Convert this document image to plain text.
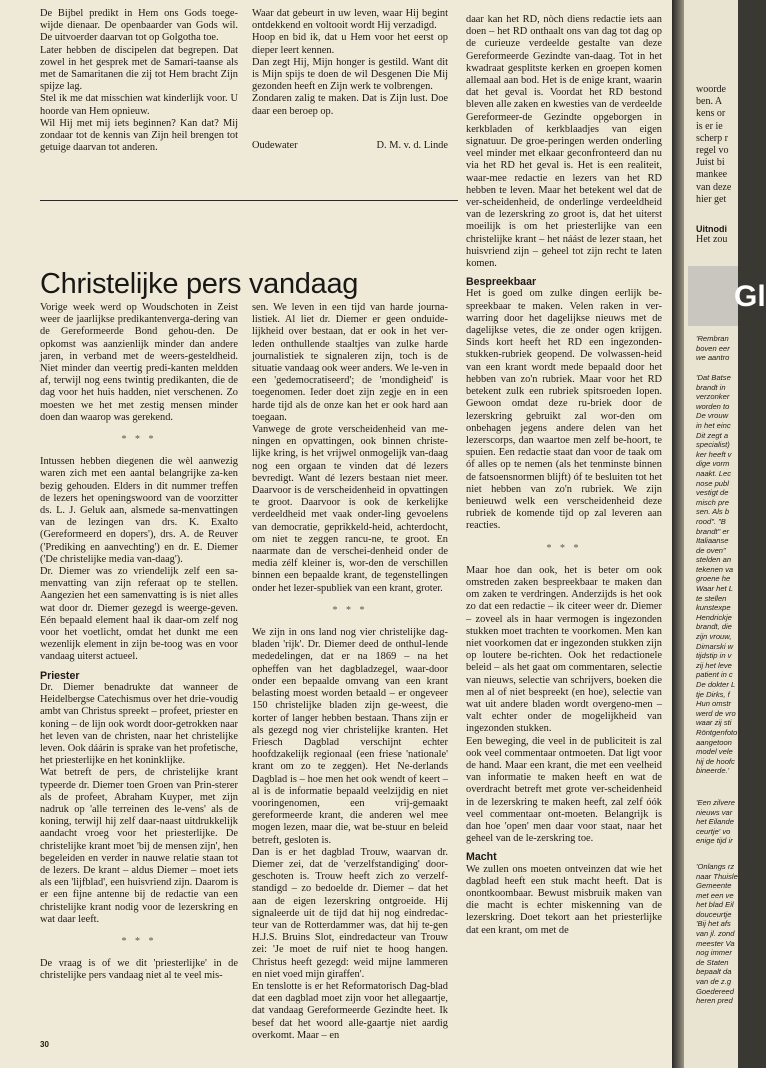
De Bijbel predikt in Hem ons Gods toege-wijde dienaar. De openbaarder van Gods wil. De uitvoerder daarvan tot op Golgotha toe.

Later hebben de discipelen dat begrepen. Dat zowel in het gesprek met de Samari-taanse als met de Samaritanen die zij tot Hem bracht Zijn spijze lag.

Stel ik me dat misschien wat kinderlijk voor. U hoorde van Hem opnieuw.

Wil Hij met mij iets beginnen? Kan dat? Mij zondaar tot de kennis van Zijn heil brengen tot getuige daarvan tot anderen.

Waar dat gebeurt in uw leven, waar Hij begint ontdekkend en voltooit wordt Hij verzadigd.

Hoop en bid ik, dat u Hem voor het eerst op dieper leert kennen.

Dan zegt Hij, Mijn honger is gestild. Want dit is Mijn spijs te doen de wil Desgenen Die Mij gezonden heeft en Zijn werk te volbrengen.

Zondaren zalig te maken. Dat is Zijn lust. Doe daar een beroep op.

Oudewater	D. M. v. d. Linde
Christelijke pers vandaag

Vorige week werd op Woudschoten in Zeist weer de jaarlijkse predikantenverga-dering van de Gereformeerde Bond gehou-den. De opkomst was aanzienlijk minder dan andere jaren, in verband met de weers-gesteldheid. Niet minder dan veertig predi-kanten meldden af, terwijl nog eens twintig predikanten, die de dag voor het huis hadden, niet verschenen. Zo moesten we het met zestig mensen minder doen dan waarop was gerekend.

* * *

Intussen hebben diegenen die wèl aanwezig waren zich met een aantal belangrijke za-ken bezig gehouden. Elders in dit nummer treffen de lezers het openingswoord van de voorzitter ds. L. J. Geluk aan, alsmede sa-menvattingen van de lezingen van drs. K. Exalto (Gereformeerd en dopers'), drs. A. de Reuver ('Prediking en aanvechting') en dr. E. Diemer ('De christelijke media van-daag').

Dr. Diemer was zo vriendelijk zelf een sa-menvatting van zijn referaat op te stellen. Aangezien het een samenvatting is is niet alles wat door dr. Diemer gezegd is weerge-geven. Eén bepaald element haal ik daar-om zelf nog voor het voetlicht, omdat het dunkt me een wezenlijk element in zijn be-toog was en voor vandaag uiterst actueel.

Priester

Dr. Diemer benadrukte dat wanneer de Heidelbergse Catechismus over het drie-voudig ambt van Christus spreekt – profeet, priester en koning – de lijn ook wordt door-getrokken naar het leven van de christen, naar het christelijke leven. Ook dáárin is sprake van het profetische, het priesterlijke en het koninklijke.

Wat betreft de pers, de christelijke krant typeerde dr. Diemer toen Groen van Prin-sterer als de profeet, Abraham Kuyper, met zijn nadruk op 'alle terreinen des le-vens' als de koning, terwijl hij zelf daar-naast uitdrukkelijk aandacht vroeg voor het priesterlijke. De christelijke krant moet 'bij de mensen zijn', hen begeleiden en verder in nauwe relatie staan tot de lezers. De krant – aldus Diemer – moet iets als een 'lijfblad', een huisvriend zijn. Daarom is er een fijne antenne bij de redactie van een christelijke krant nodig voor de lezerskring en wat daar leeft.

* * *

De vraag is of we dit 'priesterlijke' in de christelijke pers vandaag niet al te veel mis-

sen. We leven in een tijd van harde journa-listiek. Al liet dr. Diemer er geen onduide-lijkheid over bestaan, dat er ook in het ver-leden onthullende staaltjes van zulke harde journalistiek te signaleren zijn, toch is de situatie vandaag ook weer anders. We le-ven in een 'gedemocratiseerd'; de 'mondigheid' is toegenomen. Ieder doet zijn zegje en in een harde tijd als de onze kan het er ook hard aan toegaan.

Vanwege de grote verscheidenheid van me-ningen en opvattingen, ook binnen christe-lijke kring, is het vrijwel onmogelijk van-daag nog een orgaan te vinden dat dé lezers bevredigt. Want dé lezers bestaan niet meer. Daarvoor is de verscheidenheid in opvattingen te groot. Daarvoor is ook de kerkelijke verdeeldheid met vaak onder-ling gevoelens van democratie, geprikkeld-heid, achterdocht, om niet te zeggen rancu-ne, te groot. En naarmate dan de verschei-denheid onder de media zélf kleiner is, wor-den de verschillen binnen een bepaalde krant, de tegenstellingen onder het lezer-spubliek van een krant, groter.

* * *

We zijn in ons land nog vier christelijke dag-bladen 'rijk'. Dr. Diemer deed de onthul-lende mededelingen, dat er na 1869 – na het opheffen van het dagbladzegel, waar-door onder een bepaalde omvang van een krant belasting moest worden betaald – er ongeveer 150 christelijke bladen zijn ge-weest, die korter of langer hebben bestaan. Thans zijn er als gezegd nog vier christelijke kranten. Het Friesch Dagblad verschijnt echter hoofdzakelijk regionaal (een friese 'nationale' krant om zo te zeggen). Het Ne-derlands Dagblad is – hoe men het ook wendt of keert – al is de informatie bepaald veelzijdig en niet vooringenomen, een vrij-gemaakt gereformeerde krant, die anderen wel mee mogen lezen, maar die, wat be-stuur en beleid betreft, gesloten is.

Dan is er het dagblad Trouw, waarvan dr. Diemer zei, dat de 'verzelfstandiging' door-geschoten is. Trouw heeft zich zo verzelf-standigd – zo bedoelde dr. Diemer – dat het aan de eigen lezerskring ontgroeide. Hij signaleerde uit de tijd dat hij nog eindredac-teur van de Rotterdammer was, dat hij te-gen H.J.S. Bruins Slot, eindredacteur van Trouw zei: 'Je moet de ruif niet te hoog hangen. Christus heeft gezegd: weid mijne lammeren en niet voed mijn giraffen'.

En tenslotte is er het Reformatorisch Dag-blad dat een dagblad moet zijn voor het allegaartje, dat vandaag Gereformeerde Gezindte heet. Ik besef dat het woord alle-gaartje niet aardig overkomt. Maar – en

daar kan het RD, nòch diens redactie iets aan doen – het RD onthaalt ons van dag tot dag op de curieuze verdeelde gestalte van deze Gereformeerde Gezindte van-daag. Tot in het kwadraat gesplitste kerken en groepen komen allemaal aan bod. Het is de enige krant, waarin dat het geval is. Voordat het RD bestond bleven alle zaken en kwesties van de verdeelde Gereformeer-de Gezindte opgeborgen in kerkbladen of kerkblaadjes van eigen signatuur. De groe-peringen werden onderling veel minder met elkaar geconfronteerd dan nu via het RD het geval is. Het is een realiteit, waar-mee redactie en lezers van het RD hebben te leven. Maar het betekent wel dat de ver-scheidenheid, de onderlinge verdeeldheid van de lezerskring zo groot is, dat het uiterst moeilijk is om het priesterlijke van een christelijke krant – het náást de lezer staan, het huisvriend zijn – geheel tot zijn recht te laten komen.

Bespreekbaar

Het is goed om zulke dingen eerlijk be-spreekbaar te maken. Velen raken in ver-warring door het dagelijkse nieuws met de dagelijkse vetes, die ze onder ogen krijgen. Sinds kort heeft het RD een ingezonden-stukken-rubriek geopend. De volwassen-heid van een krant wordt mede bepaald door het hebben van zo'n rubriek. Maar voor het RD betekent zulk een rubriek spitsroeden lopen. Gewoon omdat deze ru-briek door de lezerskring gebruikt zal wor-den om onbehagen jegens andere delen van het lezerscorps, dan waartoe men zelf be-hoort, te spuien. Een redactie staat dan voor de taak om óf alles op te nemen (als het tenminste binnen de fatsoensnormen blijft) óf te besluiten tot het niet hebben van zo'n rubriek. We zijn benieuwd welk een verscheidenheid deze rubriek de komende tijd op zal leveren aan reacties.

* * *

Maar hoe dan ook, het is beter om ook omstreden zaken bespreekbaar te maken dan om zaken te verdringen. Anderzijds is het ook zo dat een redactie – ik citeer weer dr. Diemer – zoveel als in haar vermogen is ingezonden stukken moet trachten te voorkomen. Men kan niet voorkomen dat er ingezonden stukken zijn op loutere be-richten. Ook het redactionele beleid – als het gaat om commentaren, selectie van nieuws, selectie van schrijvers, boeken die men al of niet bespreekt (en hoe), selectie van wat uit andere bladen wordt overgeno-men – valt echter onder de mogelijkheid van ingezonden stukken.

Een beweging, die veel in de publiciteit is zal ook veel commentaar ontmoeten. Dat ligt voor de hand. Maar een krant, die met een veelheid van informatie te maken heeft en wat de overdracht betreft met grote ver-scheidenheid in de lezerskring te maken heeft, zal zelf óók veel commentaar ont-moeten. Belangrijk is dan hoe 'open' men daar voor staat, naar het geheel van de le-zerskring toe.

Macht

We zullen ons moeten ontveinzen dat wie het dagblad heeft een stuk macht heeft. Dat is onontkoombaar. Bewust misbruik maken van die macht is echter miskenning van de lezerskring. Doet tekort aan het priesterlijke dat een krant, om met de

30
woorde
ben. A
kens or
is er ie
scherp r
regel vo
Juist bi
mankee
van deze
hier get
Uitnodi
Het zou
Gl
'Rembran
boven eer
we aantro
'Dat Batse
brandt in
verzonker
worden to
De vrouw
in het einc
Dit zegt a
specialist)
ker heeft v
dige vorm
naakt. Lec
nose publ
vestigt de
misch pre
sen. Als b
rood". "B
brandt" er
Italiaanse
de oven"
stelden an
tekenen va
groene he
Waar het L
te stellen
kunstexpe
Hendrickje
brandt, die
zijn vrouw,
Dimarski w
tijdstip in v
zij het leve
patient in c
De dokter L
tje Dirks, f
Hun omstr
werd de vro
waar zij sti
Röntgenfoto
aangetoon
model vele
hij de hoofc
bineerde.'
'Een zilvere
nieuws var
het Eilande
ceurtje' vo
enige tijd ir
'Onlangs rz
naar Thuisle
Gemeente
met een ve
het blad Eil
douceurtje
'Bij het afs
van jl. zond
meester Va
nog immer
de Staten
bepaalt da
van de z.g
Goedereed
heren pred
